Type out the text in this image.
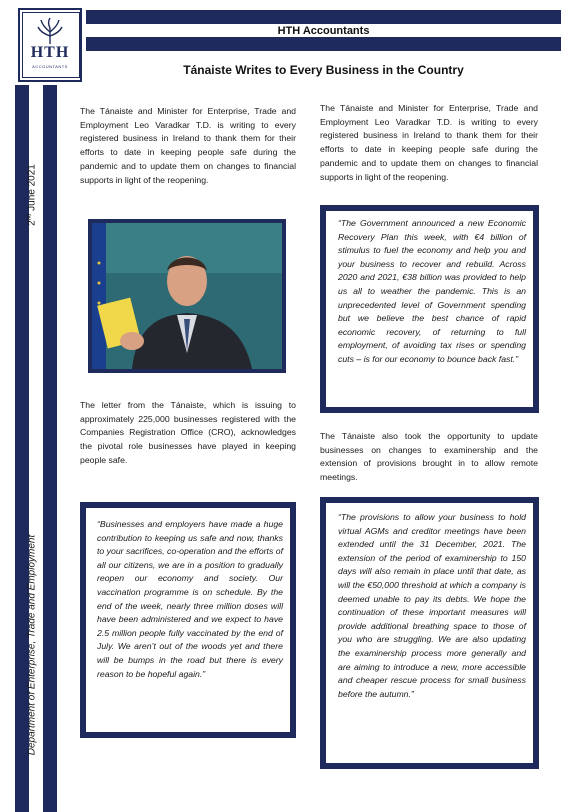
HTH
ACCOUNTANTS
HTH Accountants
Tánaiste Writes to Every Business in the Country
2nd June 2021
Department of Enterprise, Trade and Employment
The Tánaiste and Minister for Enterprise, Trade and Employment Leo Varadkar T.D. is writing to every registered business in Ireland to thank them for their efforts to date in keeping people safe during the pandemic and to update them on changes to financial supports in light of the reopening.
The letter from the Tánaiste, which is issuing to approximately 225,000 businesses registered with the Companies Registration Office (CRO), acknowledges the pivotal role businesses have played in keeping people safe.
“Businesses and employers have made a huge contribution to keeping us safe and now, thanks to your sacrifices, co-operation and the efforts of all our citizens, we are in a position to gradually reopen our economy and society. Our vaccination programme is on schedule. By the end of the week, nearly three million doses will have been administered and we expect to have 2.5 million people fully vaccinated by the end of July. We aren’t out of the woods yet and there will be bumps in the road but there is every reason to be hopeful again.”
The Tánaiste and Minister for Enterprise, Trade and Employment Leo Varadkar T.D. is writing to every registered business in Ireland to thank them for their efforts to date in keeping people safe during the pandemic and to update them on changes to financial supports in light of the reopening.
“The Government announced a new Economic Recovery Plan this week, with €4 billion of stimulus to fuel the economy and help you and your business to recover and rebuild. Across 2020 and 2021, €38 billion was provided to help us all to weather the pandemic. This is an unprecedented level of Government spending but we believe the best chance of rapid economic recovery, of returning to full employment, of avoiding tax rises or spending cuts – is for our economy to bounce back fast.”
The Tánaiste also took the opportunity to update businesses on changes to examinership and the extension of provisions brought in to allow remote meetings.
“The provisions to allow your business to hold virtual AGMs and creditor meetings have been extended until the 31 December, 2021. The extension of the period of examinership to 150 days will also remain in place until that date, as will the €50,000 threshold at which a company is deemed unable to pay its debts. We hope the continuation of these important measures will provide additional breathing space to those of you who are struggling. We are also updating the examinership process more generally and are aiming to introduce a new, more accessible and cheaper rescue process for small business before the autumn.”
